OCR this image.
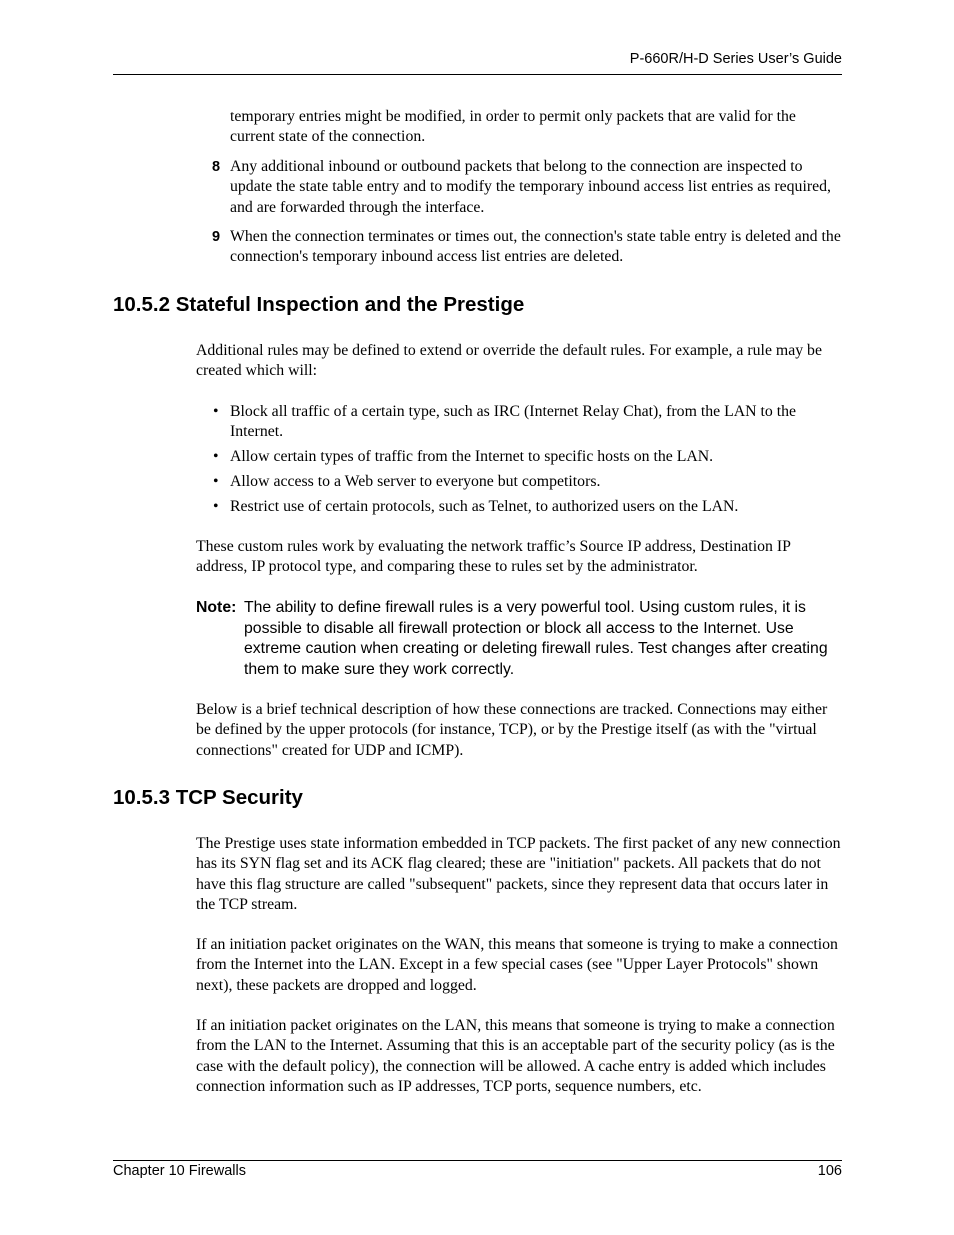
P-660R/H-D Series User’s Guide
temporary entries might be modified, in order to permit only packets that are valid for the current state of the connection.
8 Any additional inbound or outbound packets that belong to the connection are inspected to update the state table entry and to modify the temporary inbound access list entries as required, and are forwarded through the interface.
9 When the connection terminates or times out, the connection's state table entry is deleted and the connection's temporary inbound access list entries are deleted.
10.5.2 Stateful Inspection and the Prestige
Additional rules may be defined to extend or override the default rules. For example, a rule may be created which will:
• Block all traffic of a certain type, such as IRC (Internet Relay Chat), from the LAN to the Internet.
• Allow certain types of traffic from the Internet to specific hosts on the LAN.
• Allow access to a Web server to everyone but competitors.
• Restrict use of certain protocols, such as Telnet, to authorized users on the LAN.
These custom rules work by evaluating the network traffic’s Source IP address, Destination IP address, IP protocol type, and comparing these to rules set by the administrator.
Note: The ability to define firewall rules is a very powerful tool. Using custom rules, it is possible to disable all firewall protection or block all access to the Internet. Use extreme caution when creating or deleting firewall rules. Test changes after creating them to make sure they work correctly.
Below is a brief technical description of how these connections are tracked. Connections may either be defined by the upper protocols (for instance, TCP), or by the Prestige itself (as with the "virtual connections" created for UDP and ICMP).
10.5.3 TCP Security
The Prestige uses state information embedded in TCP packets. The first packet of any new connection has its SYN flag set and its ACK flag cleared; these are "initiation" packets. All packets that do not have this flag structure are called "subsequent" packets, since they represent data that occurs later in the TCP stream.
If an initiation packet originates on the WAN, this means that someone is trying to make a connection from the Internet into the LAN. Except in a few special cases (see "Upper Layer Protocols" shown next), these packets are dropped and logged.
If an initiation packet originates on the LAN, this means that someone is trying to make a connection from the LAN to the Internet. Assuming that this is an acceptable part of the security policy (as is the case with the default policy), the connection will be allowed. A cache entry is added which includes connection information such as IP addresses, TCP ports, sequence numbers, etc.
Chapter 10 Firewalls	106
